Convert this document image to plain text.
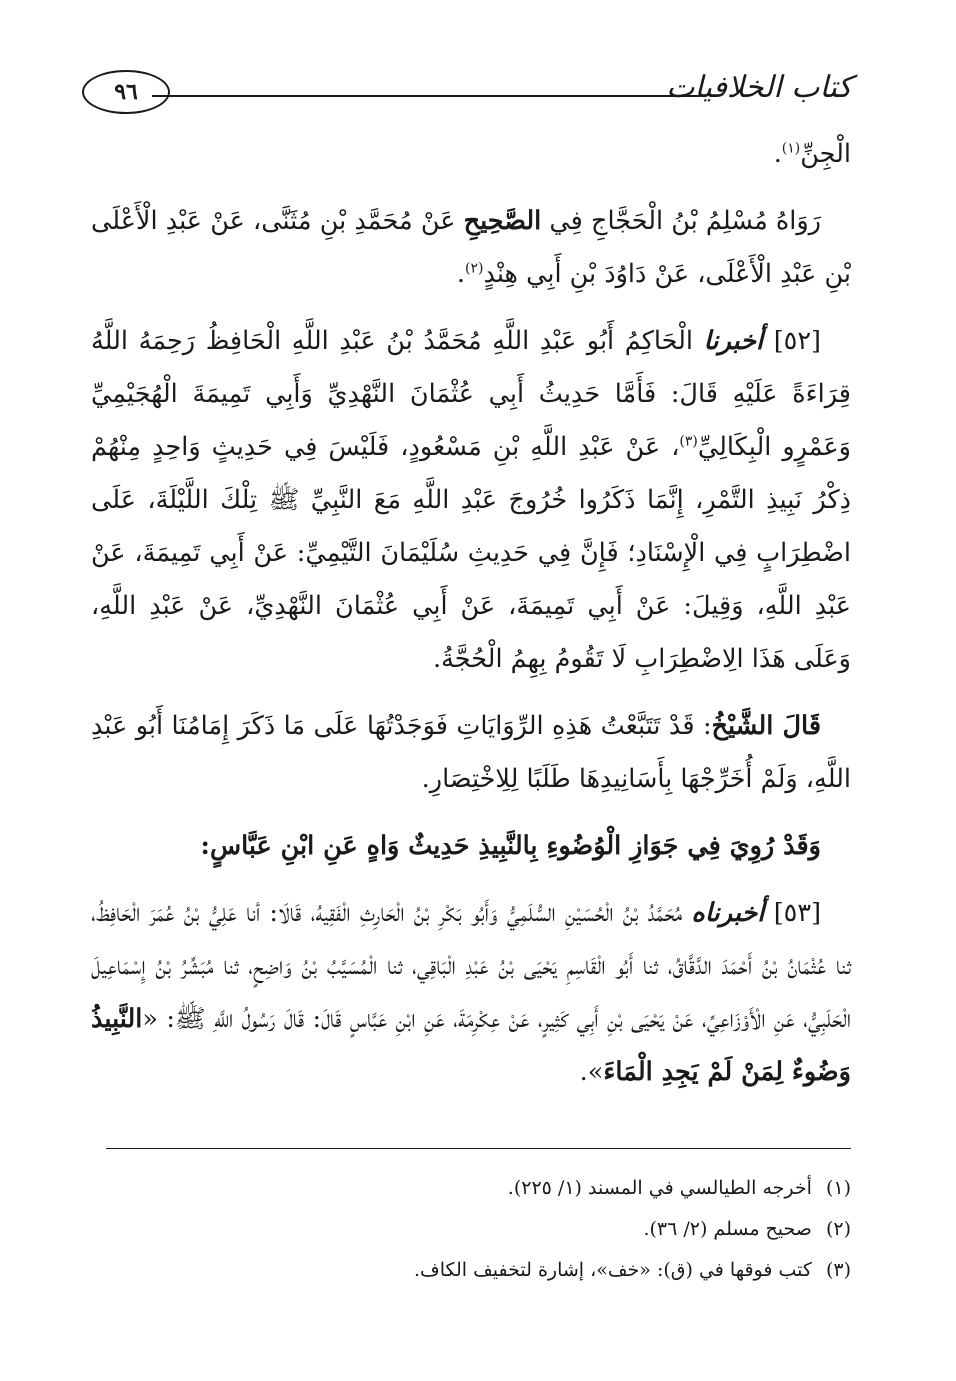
كتاب الخلافيات
٩٦

الْجِنِّ$^{(١)}$.

رَوَاهُ مُسْلِمُ بْنُ الْحَجَّاجِ فِي الصَّحِيحِ عَنْ مُحَمَّدِ بْنِ مُثَنَّى، عَنْ عَبْدِ الْأَعْلَى بْنِ عَبْدِ الْأَعْلَى، عَنْ دَاوُدَ بْنِ أَبِي هِنْدٍ$^{(٢)}$.

[٥٢] أخبرنا الْحَاكِمُ أَبُو عَبْدِ اللَّهِ مُحَمَّدُ بْنُ عَبْدِ اللَّهِ الْحَافِظُ رَحِمَهُ اللَّهُ قِرَاءَةً عَلَيْهِ قَالَ: فَأَمَّا حَدِيثُ أَبِي عُثْمَانَ النَّهْدِيِّ وَأَبِي تَمِيمَةَ الْهُجَيْمِيِّ وَعَمْرٍو الْبِكَالِيِّ$^{(٣)}$، عَنْ عَبْدِ اللَّهِ بْنِ مَسْعُودٍ، فَلَيْسَ فِي حَدِيثٍ وَاحِدٍ مِنْهُمْ ذِكْرُ نَبِيذِ التَّمْرِ، إِنَّمَا ذَكَرُوا خُرُوجَ عَبْدِ اللَّهِ مَعَ النَّبِيِّ ﷺ تِلْكَ اللَّيْلَةَ، عَلَى اضْطِرَابٍ فِي الْإِسْنَادِ؛ فَإِنَّ فِي حَدِيثِ سُلَيْمَانَ التَّيْمِيِّ: عَنْ أَبِي تَمِيمَةَ، عَنْ عَبْدِ اللَّهِ، وَقِيلَ: عَنْ أَبِي تَمِيمَةَ، عَنْ أَبِي عُثْمَانَ النَّهْدِيِّ، عَنْ عَبْدِ اللَّهِ، وَعَلَى هَذَا الِاضْطِرَابِ لَا تَقُومُ بِهِمُ الْحُجَّةُ.

قَالَ الشَّيْخُ: قَدْ تَتَبَّعْتُ هَذِهِ الرِّوَايَاتِ فَوَجَدْتُهَا عَلَى مَا ذَكَرَ إِمَامُنَا أَبُو عَبْدِ اللَّهِ، وَلَمْ أُخَرِّجْهَا بِأَسَانِيدِهَا طَلَبًا لِلِاخْتِصَارِ.

وَقَدْ رُوِيَ فِي جَوَازِ الْوُضُوءِ بِالنَّبِيذِ حَدِيثٌ وَاهٍ عَنِ ابْنِ عَبَّاسٍ:

[٥٣] أخبرناه مُحَمَّدُ بْنُ الْحُسَيْنِ السُّلَمِيُّ وَأَبُو بَكْرِ بْنُ الْحَارِثِ الْفَقِيهُ، قَالَا: أنا عَلِيُّ بْنُ عُمَرَ الْحَافِظُ، ثنا عُثْمَانُ بْنُ أَحْمَدَ الدَّقَّاقُ، ثنا أَبُو الْقَاسِمِ يَحْيَى بْنُ عَبْدِ الْبَاقِي، ثنا الْمُسَيَّبُ بْنُ وَاضِحٍ، ثنا مُبَشِّرُ بْنُ إِسْمَاعِيلَ الْحَلَبِيُّ، عَنِ الْأَوْزَاعِيِّ، عَنْ يَحْيَى بْنِ أَبِي كَثِيرٍ، عَنْ عِكْرِمَةَ، عَنِ ابْنِ عَبَّاسٍ قَالَ: قَالَ رَسُولُ اللَّهِ ﷺ: «النَّبِيذُ وَضُوءٌ لِمَنْ لَمْ يَجِدِ الْمَاءَ».

(١)
أخرجه الطيالسي في المسند (١/ ٢٢٥).
(٢)
صحيح مسلم (٢/ ٣٦).
(٣)
كتب فوقها في (ق): «خف»، إشارة لتخفيف الكاف.
